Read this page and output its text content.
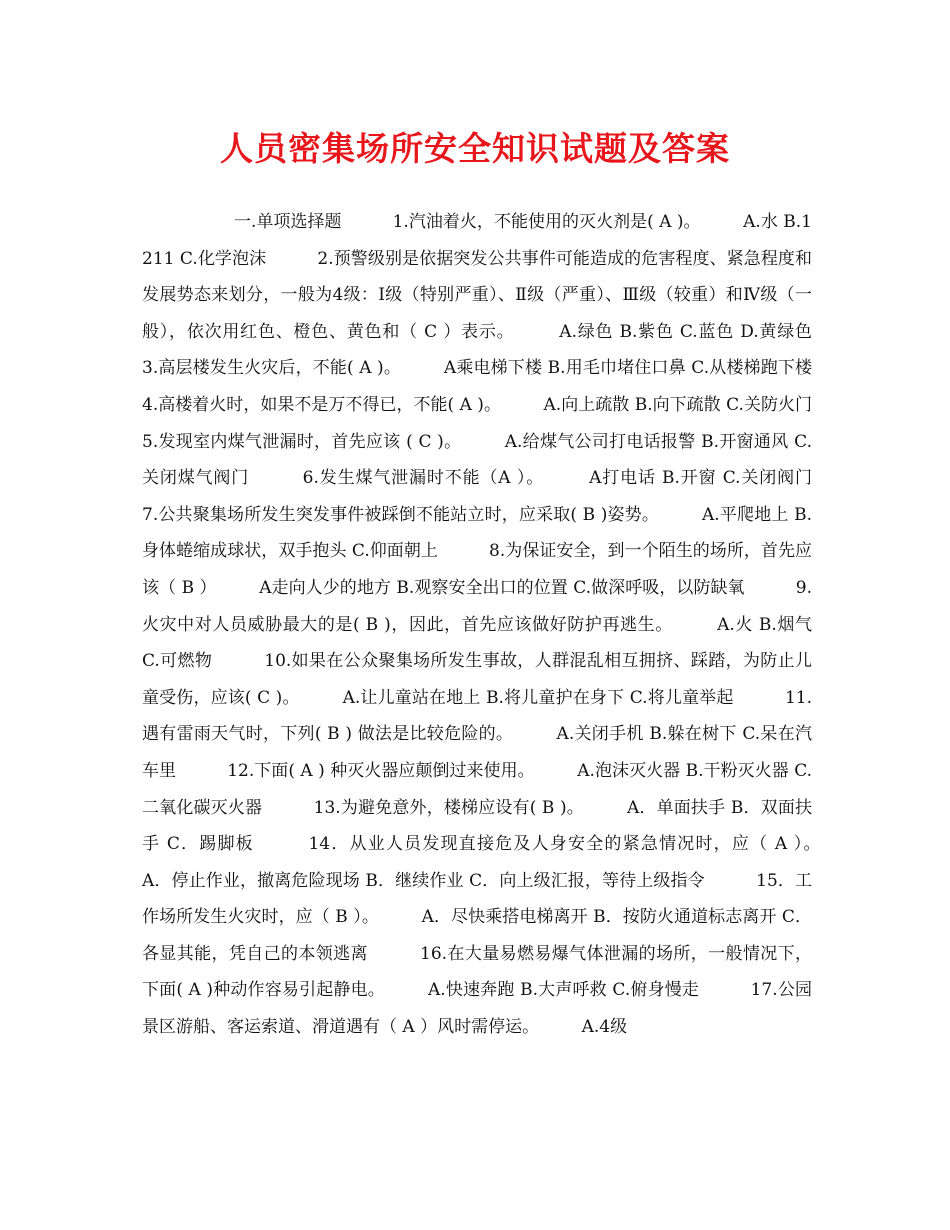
人员密集场所安全知识试题及答案

一.单项选择题　　　1.汽油着火，不能使用的灭火剂是( A )。　　　A.水 B.1211 C.化学泡沫　　　2.预警级别是依据突发公共事件可能造成的危害程度、紧急程度和发展势态来划分，一般为4级：Ⅰ级（特别严重）、Ⅱ级（严重）、Ⅲ级（较重）和Ⅳ级（一般），依次用红色、橙色、黄色和（ C ）表示。　　　A.绿色 B.紫色 C.蓝色 D.黄绿色　　　3.高层楼发生火灾后，不能( A )。　　　A乘电梯下楼 B.用毛巾堵住口鼻 C.从楼梯跑下楼　　　4.高楼着火时，如果不是万不得已，不能( A )。　　　A.向上疏散 B.向下疏散 C.关防火门　　　5.发现室内煤气泄漏时，首先应该 ( C )。　　　A.给煤气公司打电话报警 B.开窗通风 C.关闭煤气阀门　　　6.发生煤气泄漏时不能（A ）。　　　A打电话 B.开窗 C.关闭阀门　　　7.公共聚集场所发生突发事件被踩倒不能站立时，应采取( B )姿势。　　　A.平爬地上 B.身体蜷缩成球状，双手抱头 C.仰面朝上　　　8.为保证安全，到一个陌生的场所，首先应该（ B ）　　　A走向人少的地方 B.观察安全出口的位置 C.做深呼吸，以防缺氧　　　9.火灾中对人员威胁最大的是( B )，因此，首先应该做好防护再逃生。　　　A.火 B.烟气 C.可燃物　　　10.如果在公众聚集场所发生事故，人群混乱相互拥挤、踩踏，为防止儿童受伤，应该( C )。　　　A.让儿童站在地上 B.将儿童护在身下 C.将儿童举起　　　11.遇有雷雨天气时，下列( B ) 做法是比较危险的。　　　A.关闭手机 B.躲在树下 C.呆在汽车里　　　12.下面( A ) 种灭火器应颠倒过来使用。　　　A.泡沫灭火器 B.干粉灭火器 C.二氧化碳灭火器　　　13.为避免意外，楼梯应设有( B )。　　　A．单面扶手 B．双面扶手 C．踢脚板　　　14．从业人员发现直接危及人身安全的紧急情况时，应（ A ）。　　　A．停止作业，撤离危险现场 B．继续作业 C．向上级汇报，等待上级指令　　　15．工作场所发生火灾时，应（ B ）。　　　A．尽快乘搭电梯离开 B．按防火通道标志离开 C．各显其能，凭自己的本领逃离　　　16.在大量易燃易爆气体泄漏的场所，一般情况下，下面( A )种动作容易引起静电。　　　A.快速奔跑 B.大声呼救 C.俯身慢走　　　17.公园景区游船、客运索道、滑道遇有（ A ）风时需停运。　　　A.4级
